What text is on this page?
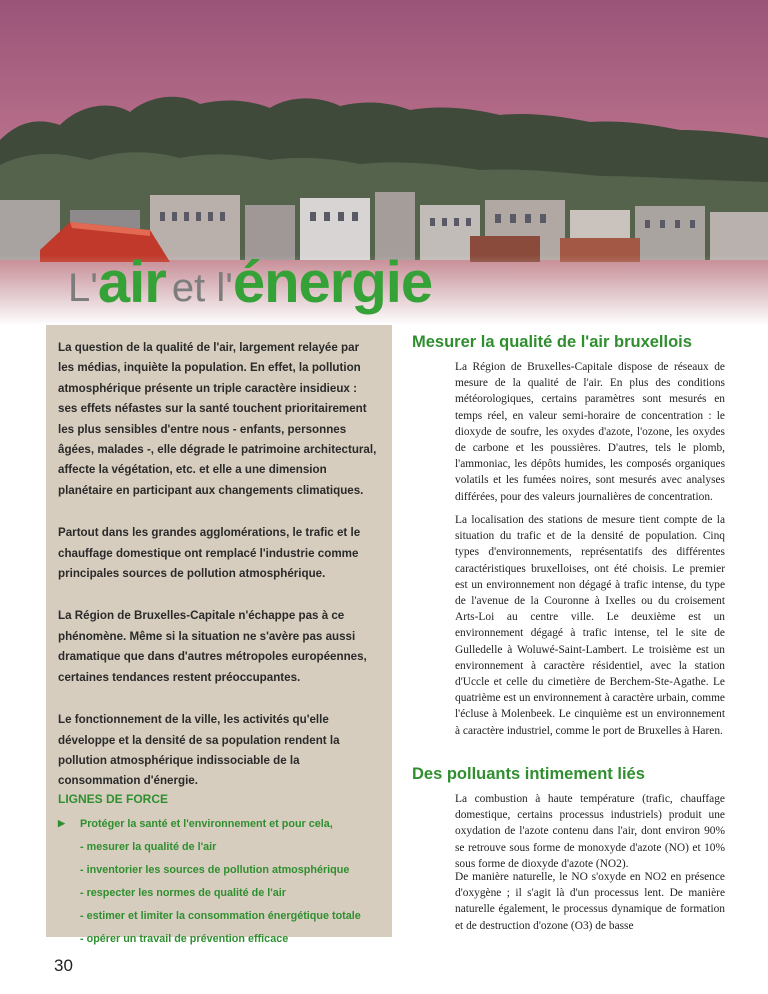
L' air et l' énergie

La question de la qualité de l'air, largement relayée par les médias, inquiète la population. En effet, la pollution atmosphérique présente un triple caractère insidieux : ses effets néfastes sur la santé touchent prioritairement les plus sensibles d'entre nous - enfants, personnes âgées, malades -, elle dégrade le patrimoine architectural, affecte la végétation, etc. et elle a une dimension planétaire en participant aux changements climatiques.

Partout dans les grandes agglomérations, le trafic et le chauffage domestique ont remplacé l'industrie comme principales sources de pollution atmosphérique.

La Région de Bruxelles-Capitale n'échappe pas à ce phénomène. Même si la situation ne s'avère pas aussi dramatique que dans d'autres métropoles européennes, certaines tendances restent préoccupantes.

Le fonctionnement de la ville, les activités qu'elle développe et la densité de sa population rendent la pollution atmosphérique indissociable de la consommation d'énergie.

LIGNES DE FORCE
▶	Protéger la santé et l'environnement et pour cela,
- mesurer la qualité de l'air
- inventorier les sources de pollution atmosphérique
- respecter les normes de qualité de l'air
- estimer et limiter la consommation énergétique totale
- opérer un travail de prévention efficace
30
Mesurer la qualité de l'air bruxellois

La Région de Bruxelles-Capitale dispose de réseaux de mesure de la qualité de l'air. En plus des conditions météorologiques, certains paramètres sont mesurés en temps réel, en valeur semi-horaire de concentration : le dioxyde de soufre, les oxydes d'azote, l'ozone, les oxydes de carbone et les poussières. D'autres, tels le plomb, l'ammoniac, les dépôts humides, les composés organiques volatils et les fumées noires, sont mesurés avec analyses différées, pour des valeurs journalières de concentration.

La localisation des stations de mesure tient compte de la situation du trafic et de la densité de population. Cinq types d'environnements, représentatifs des différentes caractéristiques bruxelloises, ont été choisis. Le premier est un environnement non dégagé à trafic intense, du type de l'avenue de la Couronne à Ixelles ou du croisement Arts-Loi au centre ville. Le deuxième est un environnement dégagé à trafic intense, tel le site de Gulledelle à Woluwé-Saint-Lambert. Le troisième est un environnement à caractère résidentiel, avec la station d'Uccle et celle du cimetière de Berchem-Ste-Agathe. Le quatrième est un environnement à caractère urbain, comme l'écluse à Molenbeek. Le cinquième est un environnement à caractère industriel, comme le port de Bruxelles à Haren.

Des polluants intimement liés

La combustion à haute température (trafic, chauffage domestique, certains processus industriels) produit une oxydation de l'azote contenu dans l'air, dont environ 90% se retrouve sous forme de monoxyde d'azote (NO) et 10% sous forme de dioxyde d'azote (NO2).

De manière naturelle, le NO s'oxyde en NO2 en présence d'oxygène ; il s'agit là d'un processus lent. De manière naturelle également, le processus dynamique de formation et de destruction d'ozone (O3) de basse
